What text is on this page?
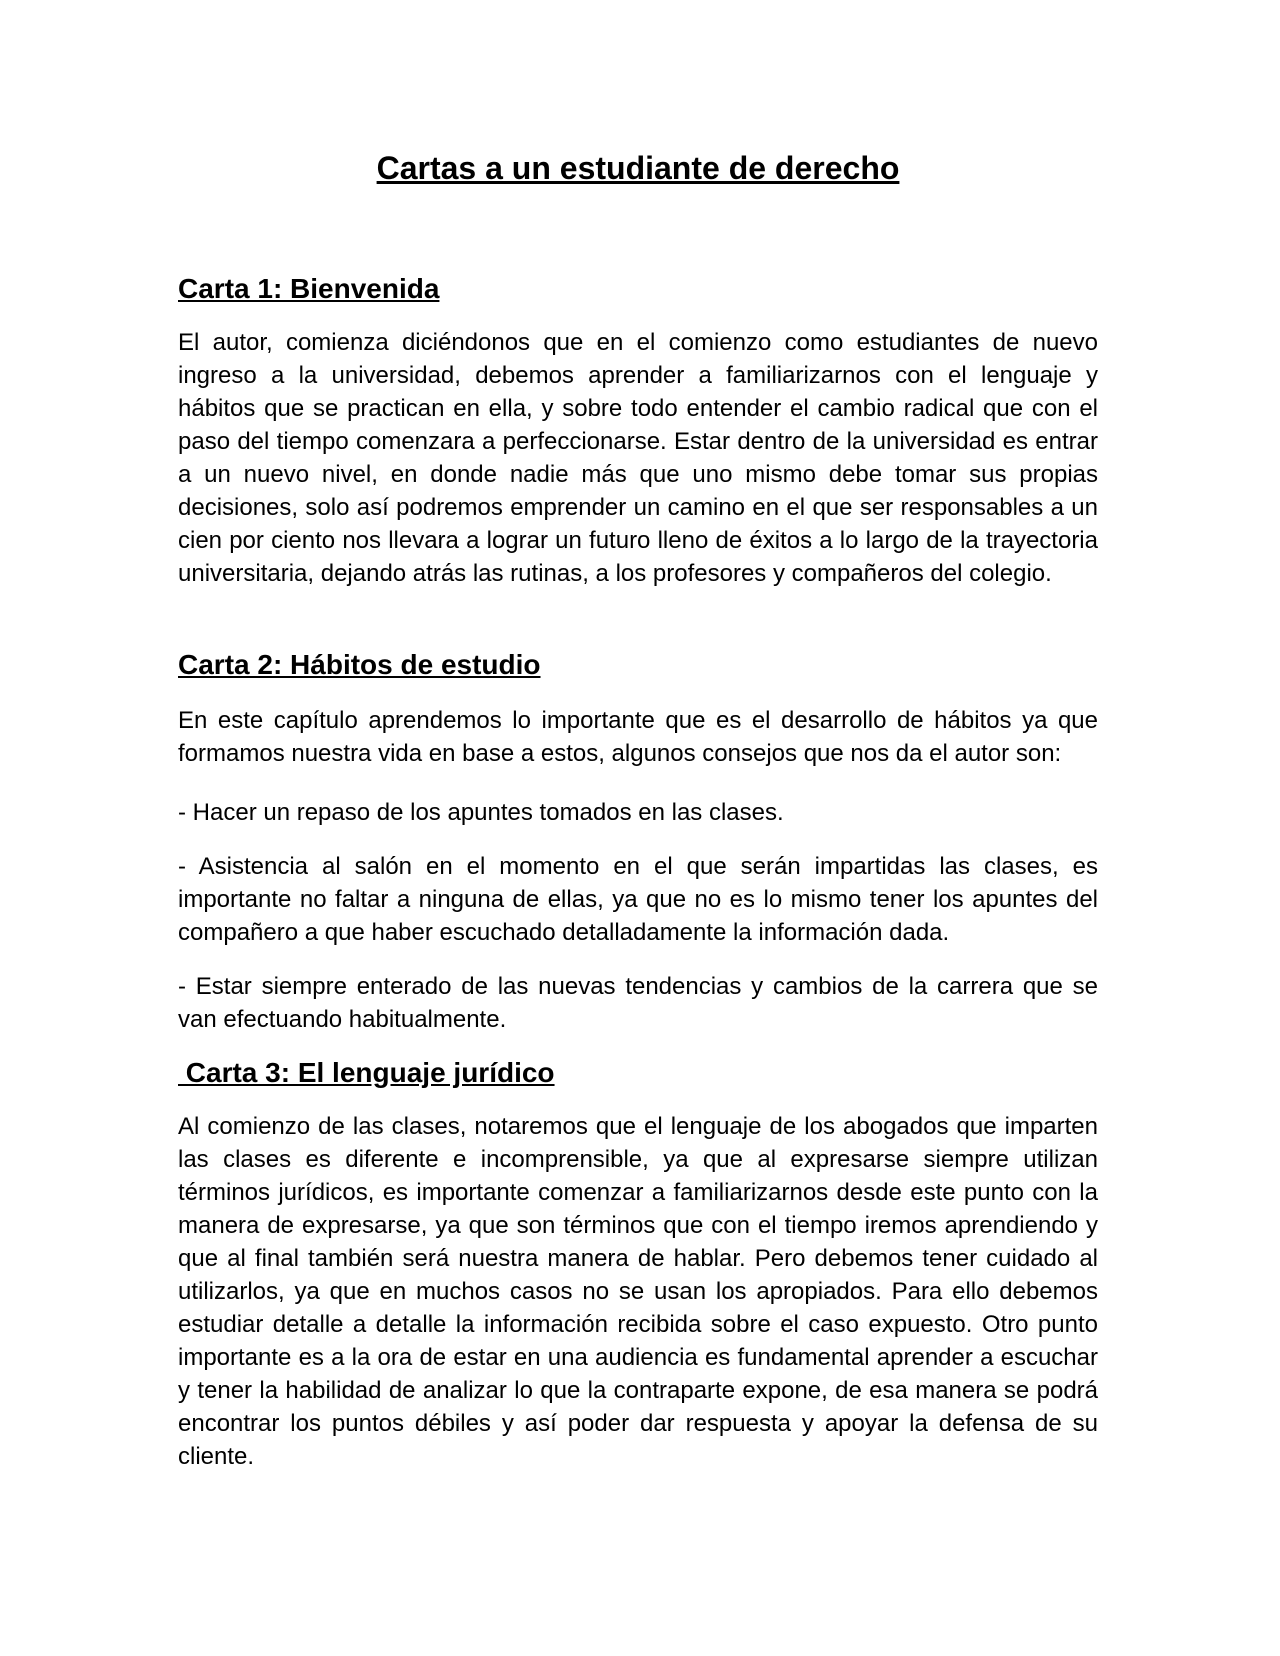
Cartas a un estudiante de derecho
Carta 1: Bienvenida

El autor, comienza diciéndonos que en el comienzo como estudiantes de nuevo ingreso a la universidad, debemos aprender a familiarizarnos con el lenguaje y hábitos que se practican en ella, y sobre todo entender el cambio radical que con el paso del tiempo comenzara a perfeccionarse. Estar dentro de la universidad es entrar a un nuevo nivel, en donde nadie más que uno mismo debe tomar sus propias decisiones, solo así podremos emprender un camino en el que ser responsables a un cien por ciento nos llevara a lograr un futuro lleno de éxitos a lo largo de la trayectoria universitaria, dejando atrás las rutinas, a los profesores y compañeros del colegio.

Carta 2: Hábitos de estudio

En este capítulo aprendemos lo importante que es el desarrollo de hábitos ya que formamos nuestra vida en base a estos, algunos consejos que nos da el autor son:

- Hacer un repaso de los apuntes tomados en las clases.

- Asistencia al salón en el momento en el que serán impartidas las clases, es importante no faltar a ninguna de ellas, ya que no es lo mismo tener los apuntes del compañero a que haber escuchado detalladamente la información dada.

- Estar siempre enterado de las nuevas tendencias y cambios de la carrera que se van efectuando habitualmente.

Carta 3: El lenguaje jurídico

Al comienzo de las clases, notaremos que el lenguaje de los abogados que imparten las clases es diferente e incomprensible, ya que al expresarse siempre utilizan términos jurídicos, es importante comenzar a familiarizarnos desde este punto con la manera de expresarse, ya que son términos que con el tiempo iremos aprendiendo y que al final también será nuestra manera de hablar. Pero debemos tener cuidado al utilizarlos, ya que en muchos casos no se usan los apropiados. Para ello debemos estudiar detalle a detalle la información recibida sobre el caso expuesto. Otro punto importante es a la ora de estar en una audiencia es fundamental aprender a escuchar y tener la habilidad de analizar lo que la contraparte expone, de esa manera se podrá encontrar los puntos débiles y así poder dar respuesta y apoyar la defensa de su cliente.
